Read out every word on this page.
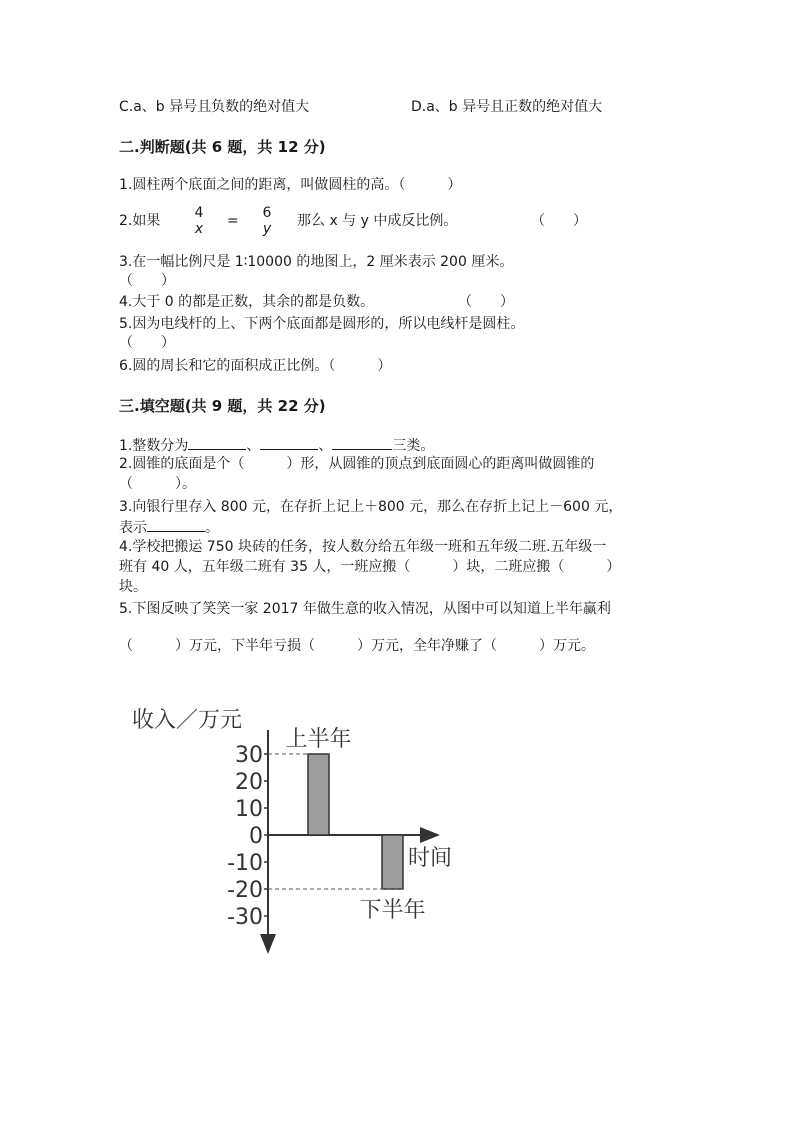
C.a、b 异号且负数的绝对值大	D.a、b 异号且正数的绝对值大
二.判断题(共 6 题，共 12 分)
1.圆柱两个底面之间的距离，叫做圆柱的高。（　　　）
2.如果 4
x = 6
y 那么 x 与 y 中成反比例。	（　　）
3.在一幅比例尺是 1∶10000 的地图上，2 厘米表示 200 厘米。
（　　）
4.大于 0 的都是正数，其余的都是负数。	（　　）
5.因为电线杆的上、下两个底面都是圆形的，所以电线杆是圆柱。
（　　）
6.圆的周长和它的面积成正比例。（　　　）
三.填空题(共 9 题，共 22 分)
1.整数分为	、	、	三类。
2.圆锥的底面是个（　　　）形，从圆锥的顶点到底面圆心的距离叫做圆锥的
（　　　）。
3.向银行里存入 800 元，在存折上记上＋800 元，那么在存折上记上－600 元，
表示	。
4.学校把搬运 750 块砖的任务，按人数分给五年级一班和五年级二班.五年级一
班有 40 人，五年级二班有 35 人，一班应搬（　　　）块，二班应搬（　　　）
块。
5.下图反映了笑笑一家 2017 年做生意的收入情况，从图中可以知道上半年赢利
（　　　）万元，下半年亏损（　　　）万元，全年净赚了（　　　）万元。
收入／万元
时间
30
20
10
0
-10
-20
-30
上半年
下半年
